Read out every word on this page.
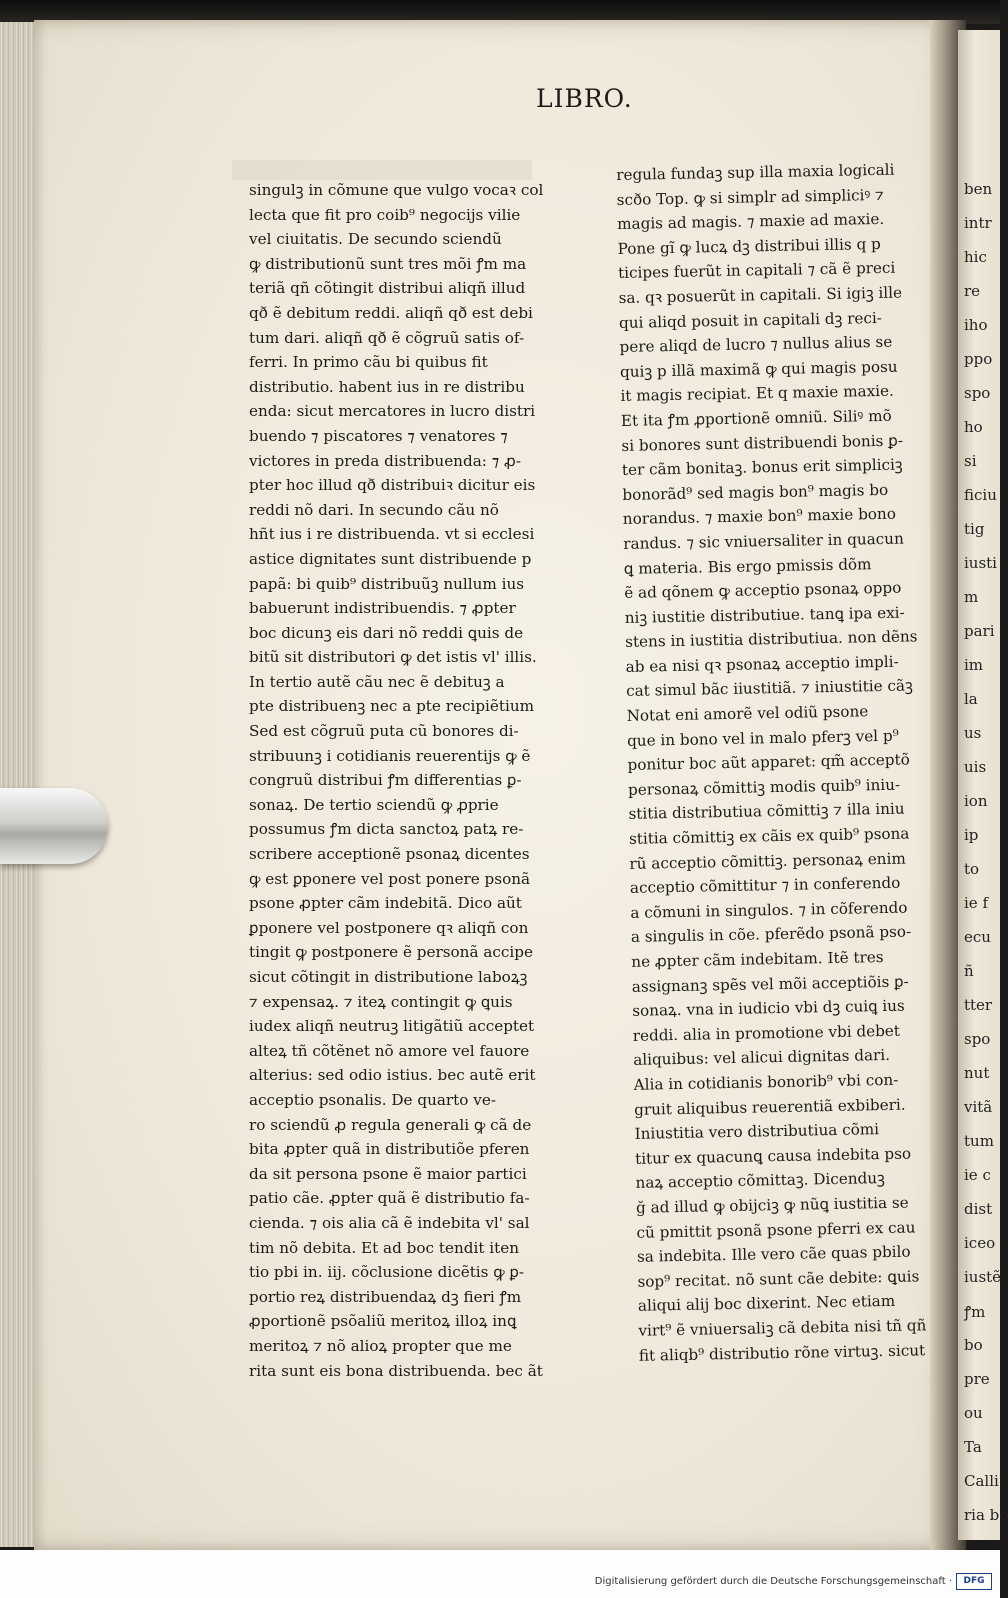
ben
intr
hic
re
iho
ppo
spo
ho
si
ficiu
tig
iusti
m
pari
im
la
us
uis
ion
ip
to
ie f
ecu
ñ
tter
spo
nut
vitã
tum
ie c
dist
iceo
iustẽ
ꝭm
bo
pre
ou
Ta
Calli
ria bõ
LIBRO.
singulꝫ in cõmune que vulgo vocaꝛ col
lecta que fit pro coib⁹ negocijs vilie
vel ciuitatis. De secundo sciendũ
ꝙ distributionũ sunt tres mõi ꝭm ma
teriã qñ cõtingit distribui aliqñ illud
qð ẽ debitum reddi. aliqñ qð est debi
tum dari. aliqñ qð ẽ cõgruũ satis of-
ferri. In primo cãu bi quibus fit
distributio. habent ius in re distribu
enda: sicut mercatores in lucro distri
buendo ⁊ piscatores ⁊ venatores ⁊
victores in preda distribuenda: ⁊ ꝓ-
pter hoc illud qð distribuiꝛ dicitur eis
reddi nõ dari. In secundo cãu nõ
hñt ius i re distribuenda. vt si ecclesi
astice dignitates sunt distribuende p
papã: bi quib⁹ distribuũꝫ nullum ius
babuerunt indistribuendis. ⁊ ꝓpter
boc dicunꝫ eis dari nõ reddi ꝗuis de
bitũ sit distributori ꝙ det istis vl' illis.
In tertio autẽ cãu nec ẽ debituꝫ a
pte distribuenꝫ nec a pte recipiẽtium
Sed est cõgruũ puta cũ bonores di-
stribuunꝫ i cotidianis reuerentijs ꝙ ẽ
congruũ distribui ꝭm differentias ꝑ-
sonaꝝ. De tertio sciendũ ꝙ ꝓprie
possumus ꝭm dicta sanctoꝝ patꝝ re-
scribere acceptionẽ psonaꝝ dicentes
ꝙ est ꝑponere vel post ponere psonã
psone ꝓpter cãm indebitã. Dico aũt
ꝑponere vel postponere qꝛ aliqñ con
tingit ꝙ postponere ẽ personã accipe
sicut cõtingit in distributione laboꝝꝫ
⁊ expensaꝝ. ⁊ iteꝝ contingit ꝙ ꝗuis
iudex aliqñ neutruꝫ litigãtiũ acceptet
alteꝝ tñ cõtẽnet nõ amore vel fauore
alterius: sed odio istius. bec autẽ erit
acceptio psonalis. De quarto ve-
ro sciendũ ꝓ regula generali ꝙ cã de
bita ꝓpter quã in distributiõe pferen
da sit persona psone ẽ maior partici
patio cãe. ꝓpter quã ẽ distributio fa-
cienda. ⁊ ois alia cã ẽ indebita vl' sal
tim nõ debita. Et ad boc tendit iten
tio pbi in. iij. cõclusione dicẽtis ꝙ ꝑ-
portio reꝝ distribuendaꝝ dꝫ fieri ꝭm
ꝓportionẽ psõaliũ meritoꝝ illoꝝ inꝗ
meritoꝝ ⁊ nõ alioꝝ propter que me
rita sunt eis bona distribuenda. bec ãt
regula fundaꝫ sup illa maxia logicali
scðo Top. ꝙ si simplr ad simpliciꝰ ⁊
magis ad magis. ⁊ maxie ad maxie.
Pone gĩ ꝙ lucꝝ dꝫ distribui illis q p
ticipes fuerũt in capitali ⁊ cã ẽ preci
sa. qꝛ posuerũt in capitali. Si igiꝫ ille
qui aliqd posuit in capitali dꝫ reci-
pere aliqd de lucro ⁊ nullus alius se
quiꝫ p illã maximã ꝙ qui magis posu
it magis recipiat. Et q maxie maxie.
Et ita ꝭm ꝓportionẽ omniũ. Siliꝰ mõ
si bonores sunt distribuendi bonis ꝑ-
ter cãm bonitaꝫ. bonus erit simpliciꝫ
bonorãd⁹ sed magis bon⁹ magis bo
norandus. ⁊ maxie bon⁹ maxie bono
randus. ⁊ sic vniuersaliter in quacun
ꝗ materia. Bis ergo pmissis dõm
ẽ ad qõnem ꝙ acceptio psonaꝝ oppo
niꝫ iustitie distributiue. tanꝗ ipa exi-
stens in iustitia distributiua. non dẽns
ab ea nisi qꝛ psonaꝝ acceptio impli-
cat simul bãc iiustitiã. ⁊ iniustitie cãꝫ
Notat eni amorẽ vel odiũ psone
que in bono vel in malo pferꝫ vel p⁹
ponitur boc aũt apparet: qm̃ acceptõ
personaꝝ cõmittiꝫ modis quib⁹ iniu-
stitia distributiua cõmittiꝫ ⁊ illa iniu
stitia cõmittiꝫ ex cãis ex quib⁹ psona
rũ acceptio cõmittiꝫ. personaꝝ enim
acceptio cõmittitur ⁊ in conferendo
a cõmuni in singulos. ⁊ in cõferendo
a singulis in cõe. pferẽdo psonã pso-
ne ꝓpter cãm indebitam. Itẽ tres
assignanꝫ spẽs vel mõi acceptiõis ꝑ-
sonaꝝ. vna in iudicio vbi dꝫ cuiꝗ ius
reddi. alia in promotione vbi debet
aliquibus: vel alicui dignitas dari.
Alia in cotidianis bonorib⁹ vbi con-
gruit aliquibus reuerentiã exbiberi.
Iniustitia vero distributiua cõmi
titur ex quacunꝗ causa indebita pso
naꝝ acceptio cõmittaꝫ. Dicenduꝫ
ğ ad illud ꝙ obijciꝫ ꝙ nũꝗ iustitia se
cũ pmittit psonã psone pferri ex cau
sa indebita. Ille vero cãe quas pbilo
sop⁹ recitat. nõ sunt cãe debite: ꝗuis
aliqui alij boc dixerint. Nec etiam
virt⁹ ẽ vniuersaliꝫ cã debita nisi tñ qñ
fit aliqb⁹ distributio rõne virtuꝫ. sicut
Digitalisierung gefördert durch die Deutsche Forschungsgemeinschaft ·	DFG
